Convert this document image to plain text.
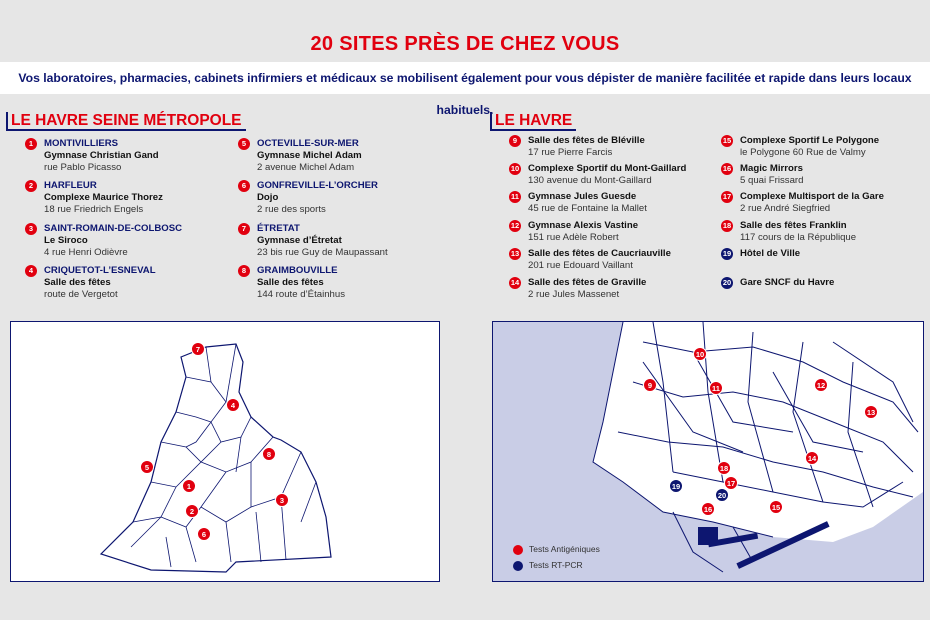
20 SITES PRÈS DE CHEZ VOUS
Vos laboratoires, pharmacies, cabinets infirmiers et médicaux se mobilisent également pour vous dépister de manière facilitée et rapide dans leurs locaux habituels.
LE HAVRE SEINE MÉTROPOLE	LE HAVRE
1	MONTIVILLIERS
Gymnase Christian Gand
rue Pablo Picasso
2	HARFLEUR
Complexe Maurice Thorez
18 rue Friedrich Engels
3	SAINT-ROMAIN-DE-COLBOSC
Le Siroco
4 rue Henri Odièvre
4	CRIQUETOT-L’ESNEVAL
Salle des fêtes
route de Vergetot
5	OCTEVILLE-SUR-MER
Gymnase Michel Adam
2 avenue Michel Adam
6	GONFREVILLE-L’ORCHER
Dojo
2 rue des sports
7	ÉTRETAT
Gymnase d’Étretat
23 bis rue Guy de Maupassant
8	GRAIMBOUVILLE
Salle des fêtes
144 route d’Étainhus
9	Salle des fêtes de Bléville
17 rue Pierre Farcis
10 Complexe Sportif du Mont-Gaillard
130 avenue du Mont-Gaillard
11 Gymnase Jules Guesde
45 rue de Fontaine la Mallet
12 Gymnase Alexis Vastine
151 rue Adèle Robert
13 Salle des fêtes de Caucriauville
201 rue Edouard Vaillant
14 Salle des fêtes de Graville
2 rue Jules Massenet
15 Complexe Sportif Le Polygone
le Polygone 60 Rue de Valmy
16 Magic Mirrors
5 quai Frissard
17 Complexe Multisport de la Gare
2 rue André Siegfried
18 Salle des fêtes Franklin
117 cours de la République
19 Hôtel de Ville
20 Gare SNCF du Havre
Tests Antigéniques
Tests RT-PCR
1
2
3
4
5
6
7
8
9
10
11	12
13
14
15
16
17
18
19
20
